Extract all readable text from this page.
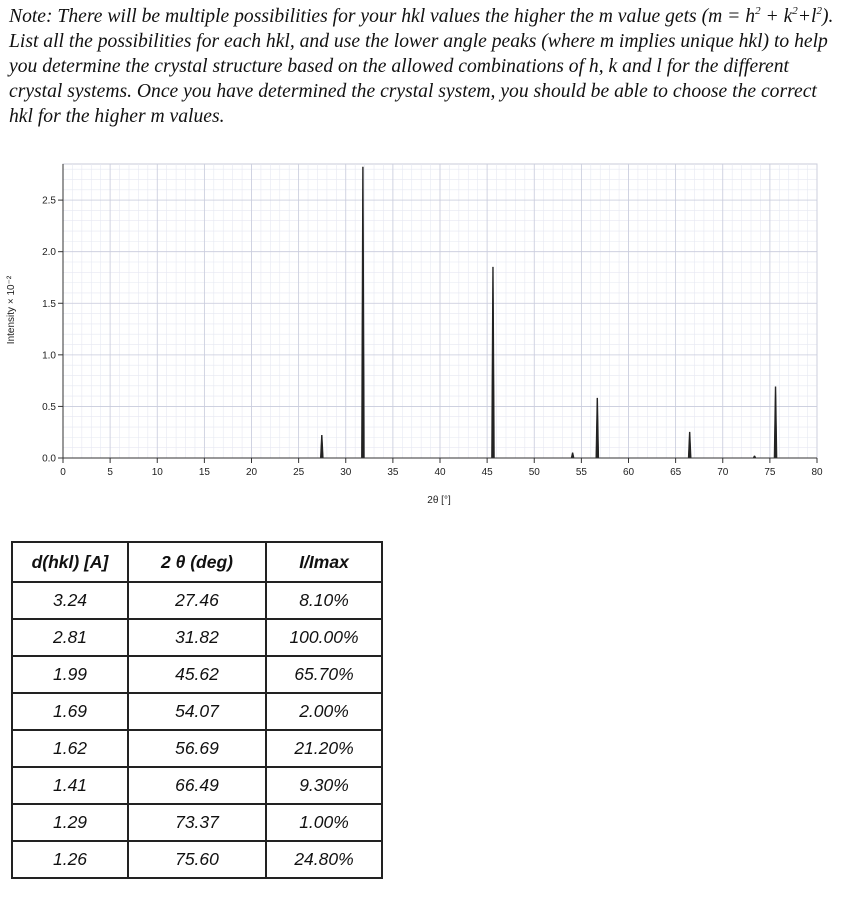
Note: There will be multiple possibilities for your hkl values the higher the m value gets $(m = h^2 + k^2+l^2)$. List all the possibilities for each hkl, and use the lower angle peaks (where m implies unique hkl) to help you determine the crystal structure based on the allowed combinations of h, k and l for the different crystal systems. Once you have determined the crystal system, you should be able to choose the correct hkl for the higher m values.
0	5	10	15	20	25	30	35	40	45	50	55	60	65	70	75	80
0.0
0.5
1.0
1.5
2.0
2.5
Intensity × 10⁻²
2θ [°]
d(hkl) [A]	2 θ (deg)	I/Imax
3.24	27.46	8.10%
2.81	31.82	100.00%
1.99	45.62	65.70%
1.69	54.07	2.00%
1.62	56.69	21.20%
1.41	66.49	9.30%
1.29	73.37	1.00%
1.26	75.60	24.80%
